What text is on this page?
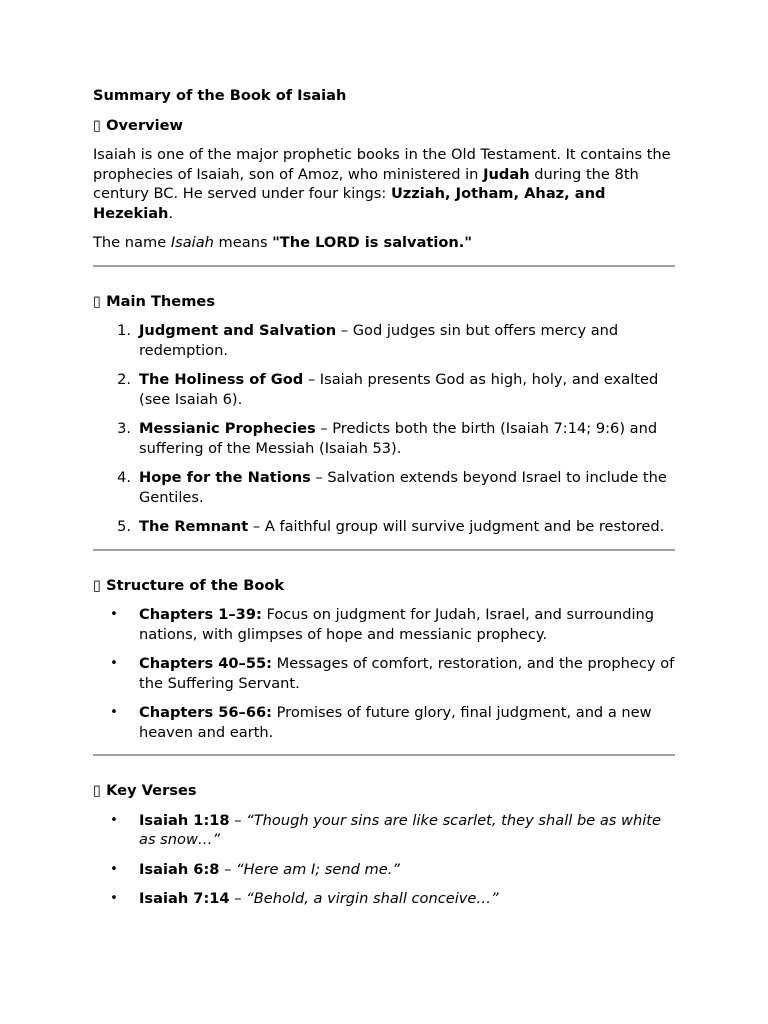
Summary of the Book of Isaiah
▯ Overview
Isaiah is one of the major prophetic books in the Old Testament. It contains the prophecies of Isaiah, son of Amoz, who ministered in Judah during the 8th century BC. He served under four kings: Uzziah, Jotham, Ahaz, and Hezekiah.
The name Isaiah means "The LORD is salvation."
▯ Main Themes
1. Judgment and Salvation – God judges sin but offers mercy and redemption.
2. The Holiness of God – Isaiah presents God as high, holy, and exalted (see Isaiah 6).
3. Messianic Prophecies – Predicts both the birth (Isaiah 7:14; 9:6) and suffering of the Messiah (Isaiah 53).
4. Hope for the Nations – Salvation extends beyond Israel to include the Gentiles.
5. The Remnant – A faithful group will survive judgment and be restored.
▯ Structure of the Book
• Chapters 1–39: Focus on judgment for Judah, Israel, and surrounding nations, with glimpses of hope and messianic prophecy.
• Chapters 40–55: Messages of comfort, restoration, and the prophecy of the Suffering Servant.
• Chapters 56–66: Promises of future glory, final judgment, and a new heaven and earth.
▯ Key Verses
• Isaiah 1:18 – “Though your sins are like scarlet, they shall be as white as snow…”
• Isaiah 6:8 – “Here am I; send me.”
• Isaiah 7:14 – “Behold, a virgin shall conceive…”
